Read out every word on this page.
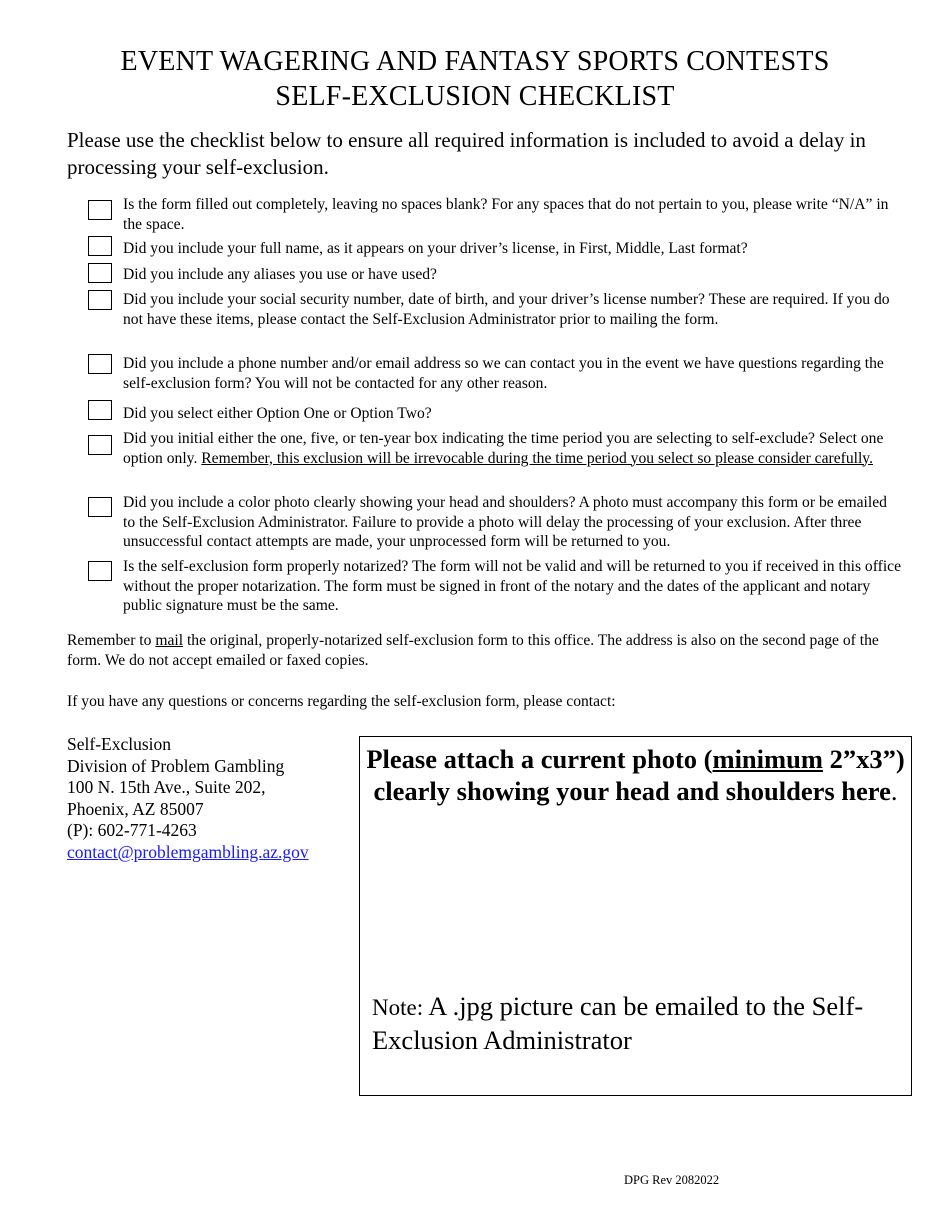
EVENT WAGERING AND FANTASY SPORTS CONTESTS
SELF-EXCLUSION CHECKLIST
Please use the checklist below to ensure all required information is included to avoid a delay in processing your self-exclusion.
Is the form filled out completely, leaving no spaces blank? For any spaces that do not pertain to you, please write “N/A” in the space.
Did you include your full name, as it appears on your driver’s license, in First, Middle, Last format?
Did you include any aliases you use or have used?
Did you include your social security number, date of birth, and your driver’s license number? These are required. If you do not have these items, please contact the Self-Exclusion Administrator prior to mailing the form.
Did you include a phone number and/or email address so we can contact you in the event we have questions regarding the self-exclusion form? You will not be contacted for any other reason.
Did you select either Option One or Option Two?
Did you initial either the one, five, or ten-year box indicating the time period you are selecting to self-exclude? Select one option only. Remember, this exclusion will be irrevocable during the time period you select so please consider carefully.
Did you include a color photo clearly showing your head and shoulders? A photo must accompany this form or be emailed to the Self-Exclusion Administrator. Failure to provide a photo will delay the processing of your exclusion. After three unsuccessful contact attempts are made, your unprocessed form will be returned to you.
Is the self-exclusion form properly notarized? The form will not be valid and will be returned to you if received in this office without the proper notarization. The form must be signed in front of the notary and the dates of the applicant and notary public signature must be the same.
Remember to mail the original, properly-notarized self-exclusion form to this office. The address is also on the second page of the form. We do not accept emailed or faxed copies.
If you have any questions or concerns regarding the self-exclusion form, please contact:
Self-Exclusion
Division of Problem Gambling
100 N. 15th Ave., Suite 202,
Phoenix, AZ 85007
(P): 602-771-4263
contact@problemgambling.az.gov
Please attach a current photo (minimum 2”x3”) clearly showing your head and shoulders here.
Note: A .jpg picture can be emailed to the Self-Exclusion Administrator
DPG Rev 2082022
